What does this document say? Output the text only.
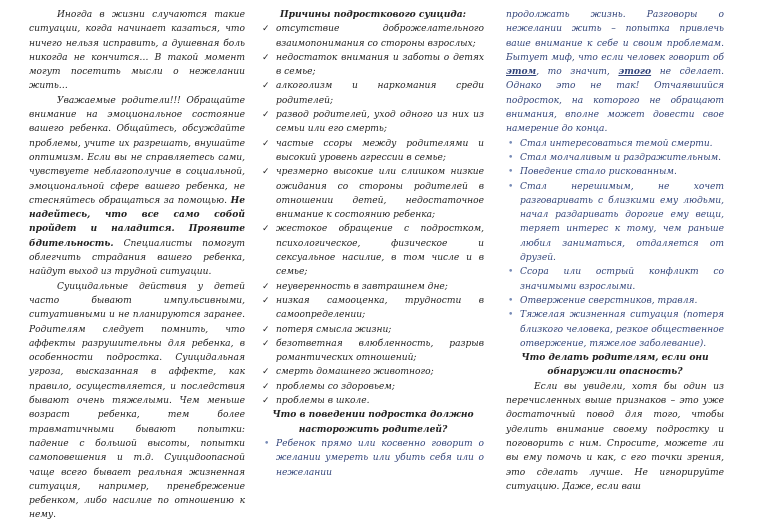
Иногда в жизни случаются такие ситуации, когда начинает казаться, что ничего нельзя исправить, а душевная боль никогда не кончится… В такой момент могут посетить мысли о нежелании жить…

Уважаемые родители!!! Обращайте внимание на эмоциональное состояние вашего ребенка. Общайтесь, обсуждайте проблемы, учите их разрешать, внушайте оптимизм. Если вы не справляетесь сами, чувствуете неблагополучие в социальной, эмоциональной сфере вашего ребенка, не стесняйтесь обращаться за помощью. Не надейтесь, что все само собой пройдет и наладится. Проявите бдительность. Специалисты помогут облегчить страдания вашего ребенка, найдут выход из трудной ситуации.

Суицидальные действия у детей часто бывают импульсивными, ситуативными и не планируются заранее. Родителям следует помнить, что аффекты разрушительны для ребенка, в особенности подростка. Суицидальная угроза, высказанная в аффекте, как правило, осуществляется, и последствия бывают очень тяжелыми. Чем меньше возраст ребенка, тем более травматичными бывают попытки: падение с большой высоты, попытки самоповешения и т.д. Суицидоопасной чаще всего бывает реальная жизненная ситуация, например, пренебрежение ребенком, либо насилие по отношению к нему.

Причины подросткового суицида:

✓ отсутствие доброжелательного взаимопонимания со стороны взрослых;
✓ недостаток внимания и заботы о детях в семье;
✓ алкоголизм и наркомания среди родителей;
✓ развод родителей, уход одного из них из семьи или его смерть;
✓ частые ссоры между родителями и высокий уровень агрессии в семье;
✓ чрезмерно высокие или слишком низкие ожидания со стороны родителей в отношении детей, недостаточное внимание к состоянию ребенка;
✓ жестокое обращение с подростком, психологическое, физическое и сексуальное насилие, в том числе и в семье;
✓ неуверенность в завтрашнем дне;
✓ низкая самооценка, трудности в самоопределении;
✓ потеря смысла жизни;
✓ безответная влюбленность, разрыв романтических отношений;
✓ смерть домашнего животного;
✓ проблемы со здоровьем;
✓ проблемы в школе.

Что в поведении подростка должно насторожить родителей?

• Ребенок прямо или косвенно говорит о желании умереть или убить себя или о нежелании

продолжать жизнь. Разговоры о нежелании жить – попытка привлечь ваше внимание к себе и своим проблемам. Бытует миф, что если человек говорит об этом, то значит, этого не сделает. Однако это не так! Отчаявшийся подросток, на которого не обращают внимания, вполне может довести свое намерение до конца.

• Стал интересоваться темой смерти.
• Стал молчаливым и раздражительным.
• Поведение стало рискованным.
• Стал нерешимым, не хочет разговаривать с близкими ему людьми, начал раздаривать дорогие ему вещи, теряет интерес к тому, чем раньше любил заниматься, отдаляется от друзей.
• Ссора или острый конфликт со значимыми взрослыми.
• Отвержение сверстников, травля.
• Тяжелая жизненная ситуация (потеря близкого человека, резкое общественное отвержение, тяжелое заболевание).

Что делать родителям, если они обнаружили опасность?

Если вы увидели, хотя бы один из перечисленных выше признаков – это уже достаточный повод для того, чтобы уделить внимание своему подростку и поговорить с ним. Спросите, можете ли вы ему помочь и как, с его точки зрения, это сделать лучше. Не игнорируйте ситуацию. Даже, если ваш
